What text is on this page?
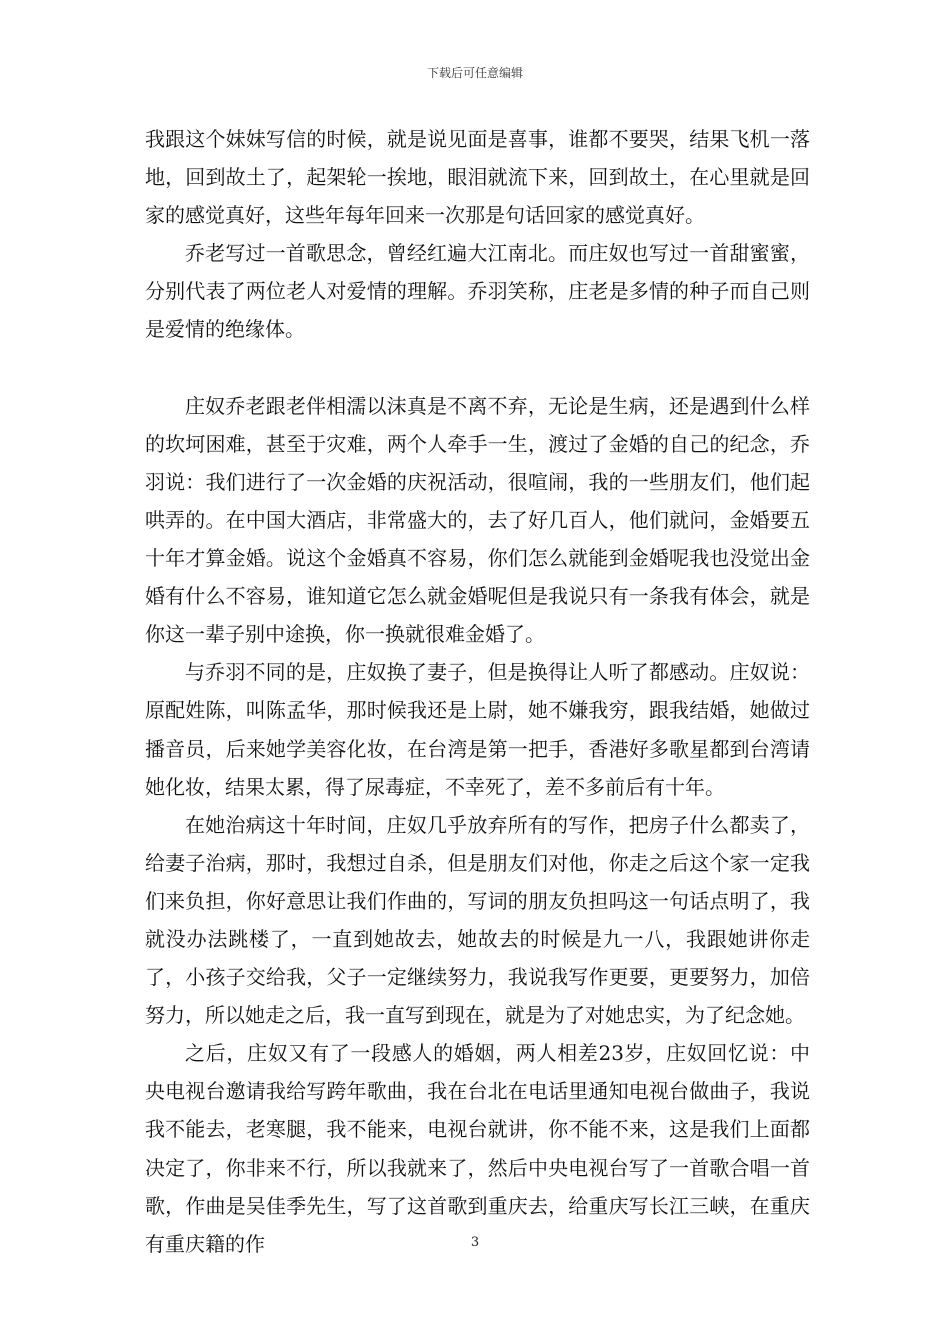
下载后可任意编辑

我跟这个妹妹写信的时候，就是说见面是喜事，谁都不要哭，结果飞机一落地，回到故土了，起架轮一挨地，眼泪就流下来，回到故土，在心里就是回家的感觉真好，这些年每年回来一次那是句话回家的感觉真好。

乔老写过一首歌思念，曾经红遍大江南北。而庄奴也写过一首甜蜜蜜，分别代表了两位老人对爱情的理解。乔羽笑称，庄老是多情的种子而自己则是爱情的绝缘体。

庄奴乔老跟老伴相濡以沫真是不离不弃，无论是生病，还是遇到什么样的坎坷困难，甚至于灾难，两个人牵手一生，渡过了金婚的自己的纪念，乔羽说：我们进行了一次金婚的庆祝活动，很喧闹，我的一些朋友们，他们起哄弄的。在中国大酒店，非常盛大的，去了好几百人，他们就问，金婚要五十年才算金婚。说这个金婚真不容易，你们怎么就能到金婚呢我也没觉出金婚有什么不容易，谁知道它怎么就金婚呢但是我说只有一条我有体会，就是你这一辈子别中途换，你一换就很难金婚了。

与乔羽不同的是，庄奴换了妻子，但是换得让人听了都感动。庄奴说：原配姓陈，叫陈孟华，那时候我还是上尉，她不嫌我穷，跟我结婚，她做过播音员，后来她学美容化妆，在台湾是第一把手，香港好多歌星都到台湾请她化妆，结果太累，得了尿毒症，不幸死了，差不多前后有十年。

在她治病这十年时间，庄奴几乎放弃所有的写作，把房子什么都卖了，给妻子治病，那时，我想过自杀，但是朋友们对他，你走之后这个家一定我们来负担，你好意思让我们作曲的，写词的朋友负担吗这一句话点明了，我就没办法跳楼了，一直到她故去，她故去的时候是九一八，我跟她讲你走了，小孩子交给我，父子一定继续努力，我说我写作更要，更要努力，加倍努力，所以她走之后，我一直写到现在，就是为了对她忠实，为了纪念她。

之后，庄奴又有了一段感人的婚姻，两人相差23岁，庄奴回忆说：中央电视台邀请我给写跨年歌曲，我在台北在电话里通知电视台做曲子，我说我不能去，老寒腿，我不能来，电视台就讲，你不能不来，这是我们上面都决定了，你非来不行，所以我就来了，然后中央电视台写了一首歌合唱一首歌，作曲是吴佳季先生，写了这首歌到重庆去，给重庆写长江三峡，在重庆有重庆籍的作	3
